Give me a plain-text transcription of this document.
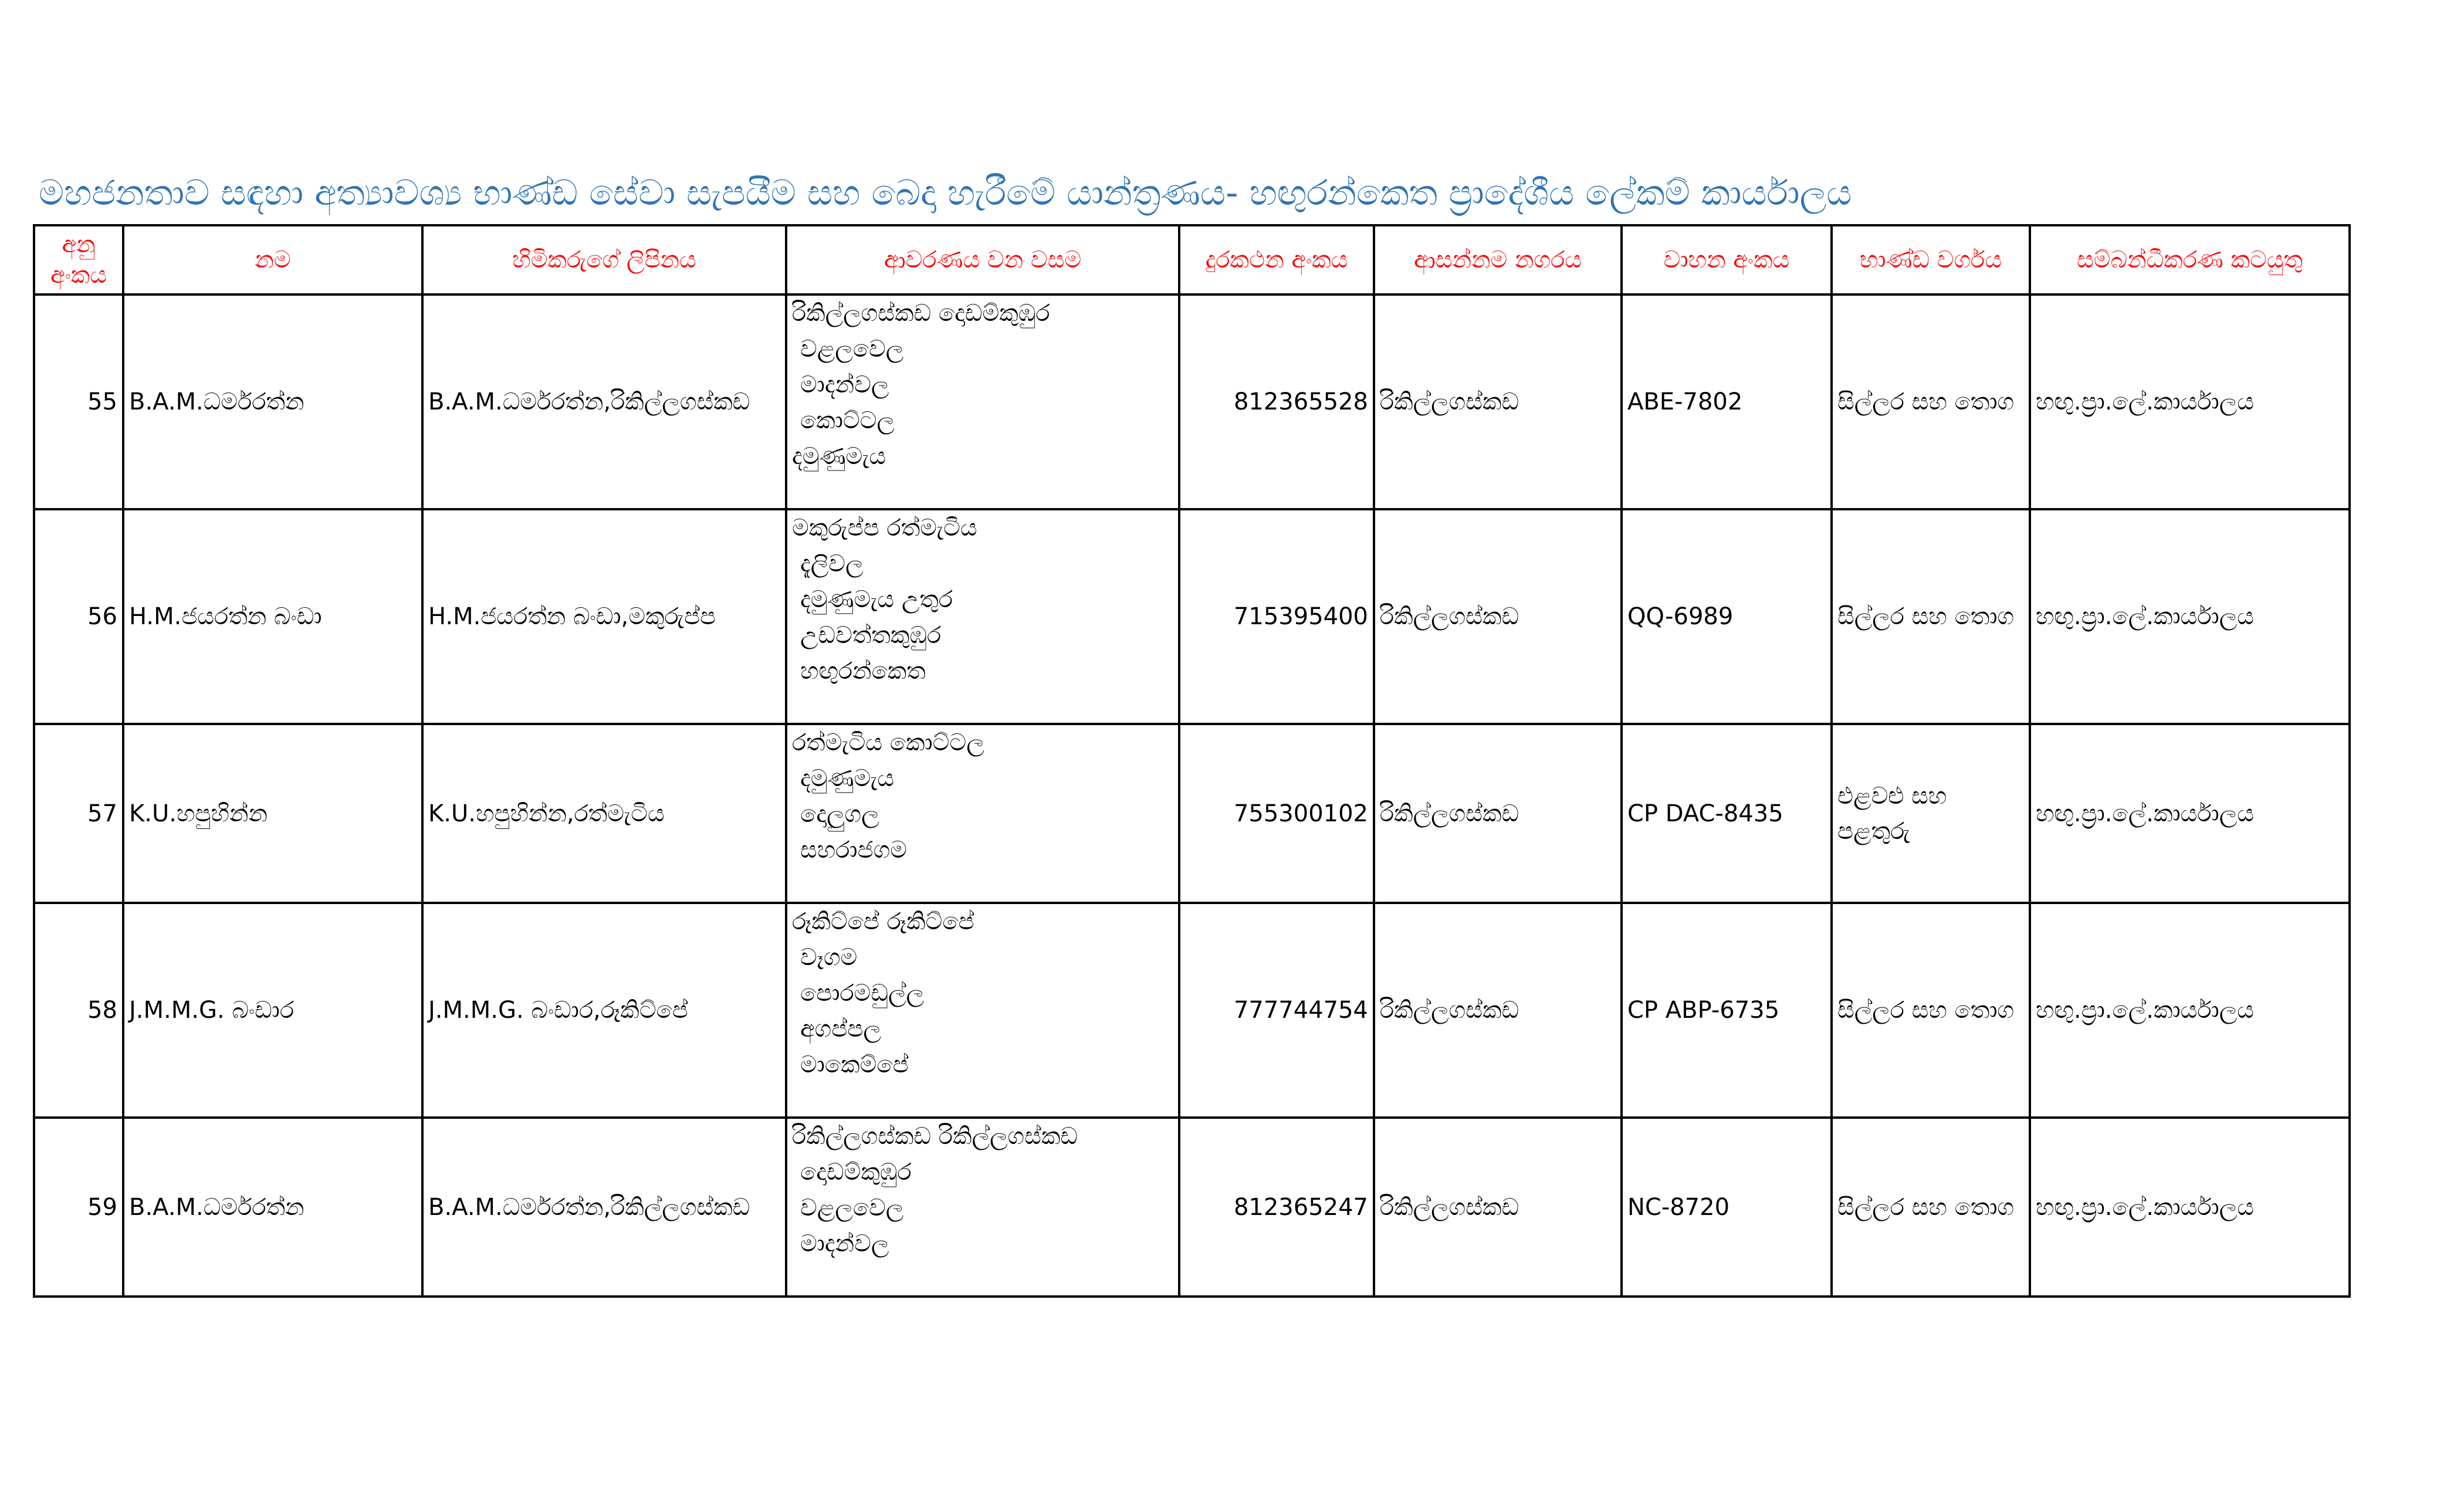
මහජනතාව සඳහා අත්‍යාවශ්‍ය භාණ්ඩ සේවා සැපයීම සහ බෙදා හැරීමේ යාන්ත්‍රණය- හඟුරන්කෙත ප්‍රාදේශීය ලේකම් කාර්යාලය
අනු අංකය	නම	හිමිකරුගේ ලිපිනය	ආවරණය වන වසම	දුරකථන අංකය	ආසන්නම නගරය	වාහන අංකය	භාණ්ඩ වර්ගය	සම්බන්ධීකරණ කටයුතු
55	B.A.M.ධර්මරත්න	B.A.M.ධර්මරත්න,රිකිල්ලගස්කඩ	රිකිල්ලගස්කඩ දොඩම්කුඹුර
වළලවෙල
මාදන්වල
කොට්ටල
දමුණුමැය	812365528	රිකිල්ලගස්කඩ	ABE-7802	සිල්ලර සහ තොග	හඟු.ප්‍රා.ලේ.කාර්යාලය
56	H.M.ජයරත්න බංඩා	H.M.ජයරත්න බංඩා,මකුරුප්ප	මකුරුප්ප රත්මැටිය
දැලිවල
දමුණුමැය උතුර
උඩවත්තකුඹුර
හඟුරන්කෙත	715395400	රිකිල්ලගස්කඩ	QQ-6989	සිල්ලර සහ තොග	හඟු.ප්‍රා.ලේ.කාර්යාලය
57	K.U.හපුහින්න	K.U.හපුහින්න,රත්මැටිය	රත්මැටිය කොට්ටල
දමුණුමැය
දොලුගල
සහරාජගම	755300102	රිකිල්ලගස්කඩ	CP DAC-8435	එළවළු සහ පළතුරු	හඟු.ප්‍රා.ලේ.කාර්යාලය
58	J.M.M.G. බංඩාර	J.M.M.G. බංඩාර,රූකිට්පේ	රූකිට්පේ රූකිට්පේ
වෑගම
පොරමඩුල්ල
අගප්පල
මාකෙම්පේ	777744754	රිකිල්ලගස්කඩ	CP ABP-6735	සිල්ලර සහ තොග	හඟු.ප්‍රා.ලේ.කාර්යාලය
59	B.A.M.ධර්මරත්න	B.A.M.ධර්මරත්න,රිකිල්ලගස්කඩ	රිකිල්ලගස්කඩ රිකිල්ලගස්කඩ
දොඩම්කුඹුර
වළලවෙල
මාදන්වල	812365247	රිකිල්ලගස්කඩ	NC-8720	සිල්ලර සහ තොග	හඟු.ප්‍රා.ලේ.කාර්යාලය
